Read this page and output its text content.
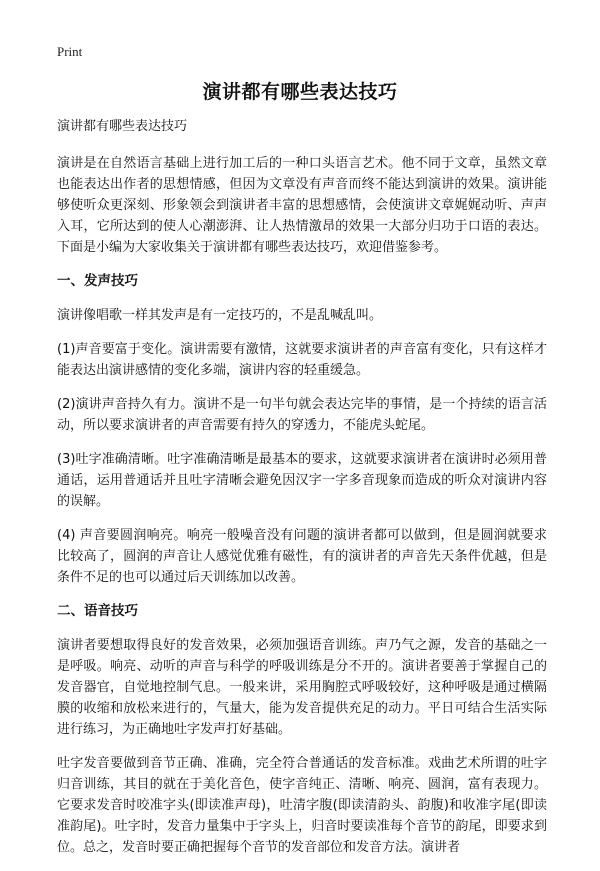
Print
演讲都有哪些表达技巧

演讲都有哪些表达技巧

演讲是在自然语言基础上进行加工后的一种口头语言艺术。他不同于文章，虽然文章也能表达出作者的思想情感，但因为文章没有声音而终不能达到演讲的效果。演讲能够使听众更深刻、形象领会到演讲者丰富的思想感情，会使演讲文章娓娓动听、声声入耳，它所达到的使人心潮澎湃、让人热情激昂的效果一大部分归功于口语的表达。下面是小编为大家收集关于演讲都有哪些表达技巧，欢迎借鉴参考。

一、发声技巧

演讲像唱歌一样其发声是有一定技巧的，不是乱喊乱叫。

(1)声音要富于变化。演讲需要有激情，这就要求演讲者的声音富有变化，只有这样才能表达出演讲感情的变化多端，演讲内容的轻重缓急。

(2)演讲声音持久有力。演讲不是一句半句就会表达完毕的事情，是一个持续的语言活动，所以要求演讲者的声音需要有持久的穿透力，不能虎头蛇尾。

(3)吐字准确清晰。吐字准确清晰是最基本的要求，这就要求演讲者在演讲时必须用普通话，运用普通话并且吐字清晰会避免因汉字一字多音现象而造成的听众对演讲内容的误解。

(4) 声音要圆润响亮。响亮一般噪音没有问题的演讲者都可以做到，但是圆润就要求比较高了，圆润的声音让人感觉优雅有磁性，有的演讲者的声音先天条件优越，但是条件不足的也可以通过后天训练加以改善。

二、语音技巧

演讲者要想取得良好的发音效果，必须加强语音训练。声乃气之源，发音的基础之一是呼吸。响亮、动听的声音与科学的呼吸训练是分不开的。演讲者要善于掌握自己的发音器官，自觉地控制气息。一般来讲，采用胸腔式呼吸较好，这种呼吸是通过横隔膜的收缩和放松来进行的，气量大，能为发音提供充足的动力。平日可结合生活实际进行练习，为正确地吐字发声打好基础。

吐字发音要做到音节正确、准确，完全符合普通话的发音标准。戏曲艺术所谓的吐字归音训练，其目的就在于美化音色，使字音纯正、清晰、响亮、圆润，富有表现力。它要求发音时咬准字头(即读准声母)，吐清字腹(即读清韵头、韵腹)和收准字尾(即读准韵尾)。吐字时，发音力量集中于字头上，归音时要读准每个音节的韵尾，即要求到位。总之，发音时要正确把握每个音节的发音部位和发音方法。演讲者
